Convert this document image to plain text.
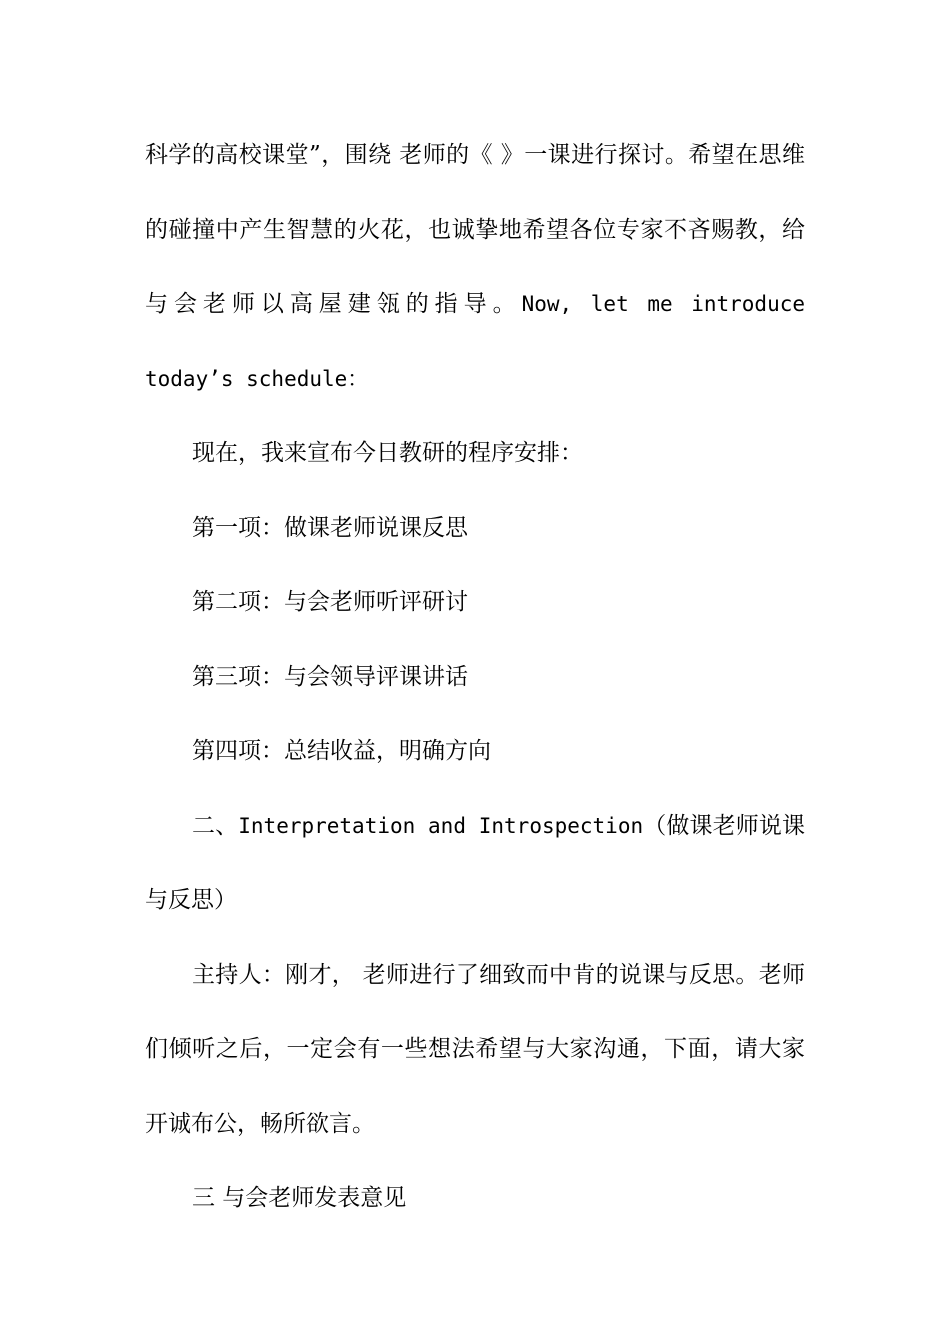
科学的高校课堂”，围绕 老师的《 》一课进行探讨。希望在思维的碰撞中产生智慧的火花，也诚挚地希望各位专家不吝赐教，给与会老师以高屋建瓴的指导。Now, let me introduce today’s schedule：

现在，我来宣布今日教研的程序安排：

第一项：做课老师说课反思

第二项：与会老师听评研讨

第三项：与会领导评课讲话

第四项：总结收益，明确方向

二、Interpretation and Introspection（做课老师说课与反思）

主持人：刚才， 老师进行了细致而中肯的说课与反思。老师们倾听之后，一定会有一些想法希望与大家沟通，下面，请大家开诚布公，畅所欲言。

三 与会老师发表意见
